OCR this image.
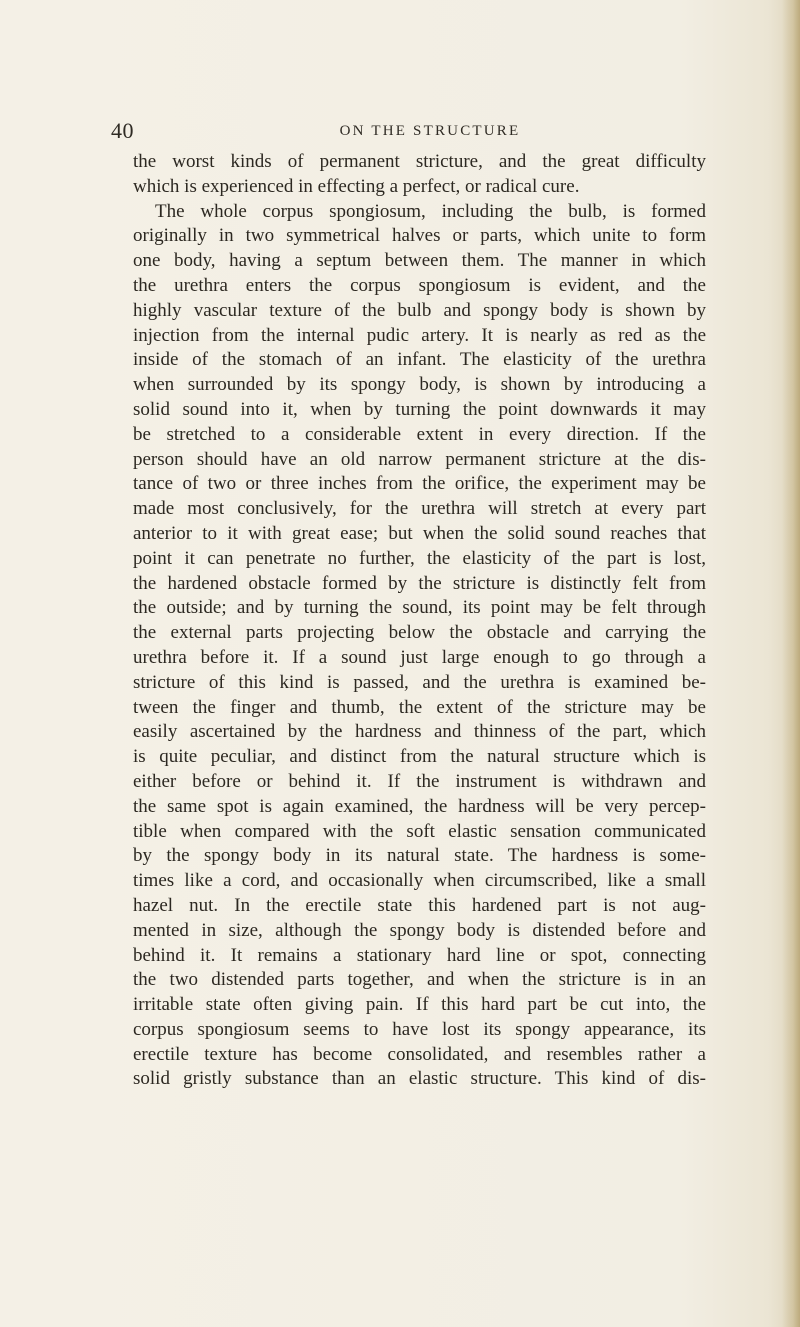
40	ON THE STRUCTURE
the worst kinds of permanent stricture, and the great difficulty
which is experienced in effecting a perfect, or radical cure.
The whole corpus spongiosum, including the bulb, is formed
originally in two symmetrical halves or parts, which unite to form
one body, having a septum between them. The manner in which
the urethra enters the corpus spongiosum is evident, and the
highly vascular texture of the bulb and spongy body is shown by
injection from the internal pudic artery. It is nearly as red as the
inside of the stomach of an infant. The elasticity of the urethra
when surrounded by its spongy body, is shown by introducing a
solid sound into it, when by turning the point downwards it may
be stretched to a considerable extent in every direction. If the
person should have an old narrow permanent stricture at the dis-
tance of two or three inches from the orifice, the experiment may be
made most conclusively, for the urethra will stretch at every part
anterior to it with great ease; but when the solid sound reaches that
point it can penetrate no further, the elasticity of the part is lost,
the hardened obstacle formed by the stricture is distinctly felt from
the outside; and by turning the sound, its point may be felt through
the external parts projecting below the obstacle and carrying the
urethra before it. If a sound just large enough to go through a
stricture of this kind is passed, and the urethra is examined be-
tween the finger and thumb, the extent of the stricture may be
easily ascertained by the hardness and thinness of the part, which
is quite peculiar, and distinct from the natural structure which is
either before or behind it. If the instrument is withdrawn and
the same spot is again examined, the hardness will be very percep-
tible when compared with the soft elastic sensation communicated
by the spongy body in its natural state. The hardness is some-
times like a cord, and occasionally when circumscribed, like a small
hazel nut. In the erectile state this hardened part is not aug-
mented in size, although the spongy body is distended before and
behind it. It remains a stationary hard line or spot, connecting
the two distended parts together, and when the stricture is in an
irritable state often giving pain. If this hard part be cut into, the
corpus spongiosum seems to have lost its spongy appearance, its
erectile texture has become consolidated, and resembles rather a
solid gristly substance than an elastic structure. This kind of dis-
